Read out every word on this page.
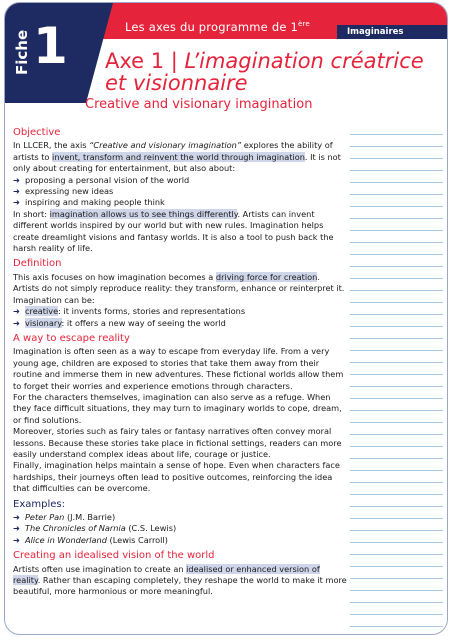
Les axes du programme de 1ère
Imaginaires
Fiche 1 Axe 1 | L’imagination créatrice et visionnaire
Creative and visionary imagination
Objective

In LLCER, the axis “Creative and visionary imagination” explores the ability of artists to invent, transform and reinvent the world through imagination. It is not only about creating for entertainment, but also about:

➜ proposing a personal vision of the world
➜ expressing new ideas
➜ inspiring and making people think

In short: imagination allows us to see things differently. Artists can invent different worlds inspired by our world but with new rules. Imagination helps create dreamlight visions and fantasy worlds. It is also a tool to push back the harsh reality of life.

Definition

This axis focuses on how imagination becomes a driving force for creation. Artists do not simply reproduce reality: they transform, enhance or reinterpret it. Imagination can be:

➜ creative: it invents forms, stories and representations
➜ visionary: it offers a new way of seeing the world
A way to escape reality

Imagination is often seen as a way to escape from everyday life. From a very young age, children are exposed to stories that take them away from their routine and immerse them in new adventures. These fictional worlds allow them to forget their worries and experience emotions through characters.

For the characters themselves, imagination can also serve as a refuge. When they face difficult situations, they may turn to imaginary worlds to cope, dream, or find solutions.

Moreover, stories such as fairy tales or fantasy narratives often convey moral lessons. Because these stories take place in fictional settings, readers can more easily understand complex ideas about life, courage or justice.

Finally, imagination helps maintain a sense of hope. Even when characters face hardships, their journeys often lead to positive outcomes, reinforcing the idea that difficulties can be overcome.

Examples:
➜ Peter Pan (J.M. Barrie)
➜ The Chronicles of Narnia (C.S. Lewis)
➜ Alice in Wonderland (Lewis Carroll)
Creating an idealised vision of the world

Artists often use imagination to create an idealised or enhanced version of reality. Rather than escaping completely, they reshape the world to make it more beautiful, more harmonious or more meaningful.
